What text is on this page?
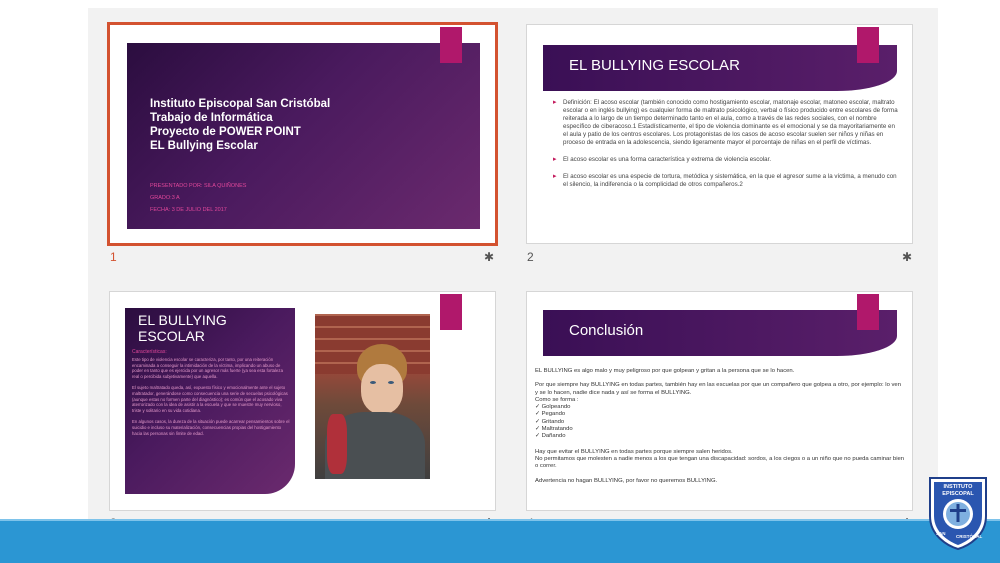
Instituto Episcopal San Cristóbal
Trabajo de Informática
Proyecto de POWER POINT
EL Bullying Escolar
PRESENTADO POR: SILA QUIÑONES
GRADO:3 A
FECHA: 3 DE JULIO DEL 2017
1	✱
EL BULLYING ESCOLAR
▸ Definición: El acoso escolar (también conocido como hostigamiento escolar, matonaje escolar, matoneo escolar, maltrato escolar o en inglés bullying) es cualquier forma de maltrato psicológico, verbal o físico producido entre escolares de forma reiterada a lo largo de un tiempo determinado tanto en el aula, como a través de las redes sociales, con el nombre específico de ciberacoso.1 Estadísticamente, el tipo de violencia dominante es el emocional y se da mayoritariamente en el aula y patio de los centros escolares. Los protagonistas de los casos de acoso escolar suelen ser niños y niñas en proceso de entrada en la adolescencia, siendo ligeramente mayor el porcentaje de niñas en el perfil de víctimas.
▸ El acoso escolar es una forma característica y extrema de violencia escolar.
▸ El acoso escolar es una especie de tortura, metódica y sistemática, en la que el agresor sume a la víctima, a menudo con el silencio, la indiferencia o la complicidad de otros compañeros.2
2	✱
EL BULLYING
ESCOLAR
Características:
Este tipo de violencia escolar se caracteriza, por tanto, por una reiteración encaminada a conseguir la intimidación de la víctima, implicando un abuso de poder en tanto que es ejercida por un agresor más fuerte (ya sea esta fortaleza real o percibida subjetivamente) que aquella.
El sujeto maltratado queda, así, expuesto físico y emocionalmente ante el sujeto maltratador, generándose como consecuencia una serie de secuelas psicológicas (aunque estas no formen parte del diagnóstico); es común que el acosado viva aterrorizado con la idea de asistir a la escuela y que se muestre muy nervioso, triste y solitario en su vida cotidiana.
En algunos casos, la dureza de la situación puede acarrear pensamientos sobre el suicidio e incluso su materialización, consecuencias propias del hostigamiento hacia las personas sin límite de edad.
Conclusión
EL BULLYING es algo malo y muy peligroso por que golpean y gritan a la persona que se lo hacen.
Por que siempre hay BULLYING en todas partes, también hay en las escuelas por que un compañero que golpea a otro, por ejemplo: lo ven y se lo hacen, nadie dice nada y así se forma el BULLYING.
Como se forma :
✓ Golpeando
✓ Pegando
✓ Gritando
✓ Maltratando
✓ Dañando
Hay que evitar el BULLYING en todas partes porque siempre salen heridos.
No permitamos que molesten a nadie menos a los que tengan una discapacidad: sordos, a los ciegos o a un niño que no pueda caminar bien o correr.
Advertencia no hagan BULLYING, por favor no queremos BULLYING.
INSTITUTO
EPISCOPAL
SAN
CRISTÓBAL
